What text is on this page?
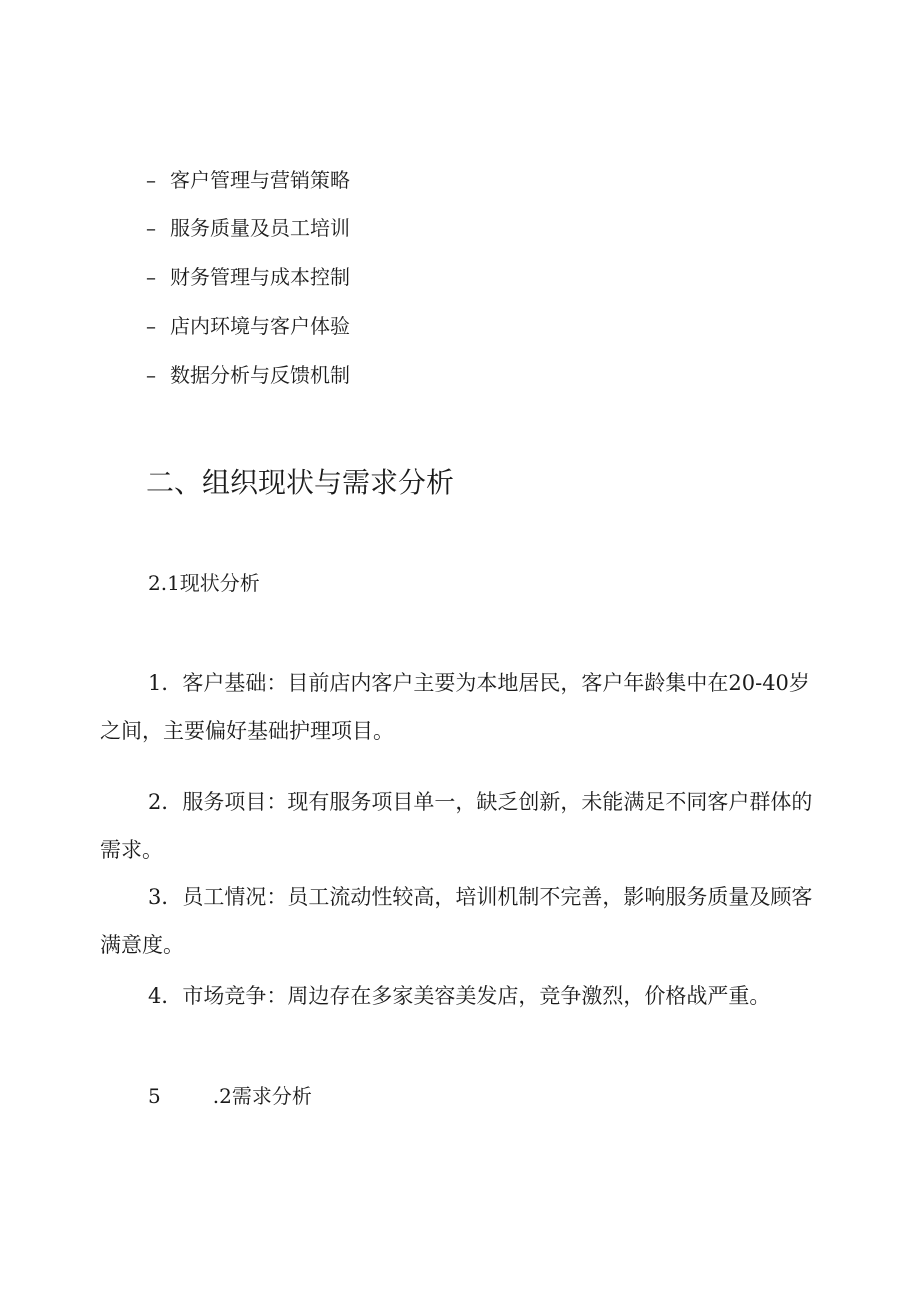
– 客户管理与营销策略
– 服务质量及员工培训
– 财务管理与成本控制
– 店内环境与客户体验
– 数据分析与反馈机制
二、组织现状与需求分析
2.1现状分析

1．客户基础：目前店内客户主要为本地居民，客户年龄集中在20-40岁之间，主要偏好基础护理项目。

2．服务项目：现有服务项目单一，缺乏创新，未能满足不同客户群体的需求。

3．员工情况：员工流动性较高，培训机制不完善，影响服务质量及顾客满意度。

4．市场竞争：周边存在多家美容美发店，竞争激烈，价格战严重。

5	.2需求分析
